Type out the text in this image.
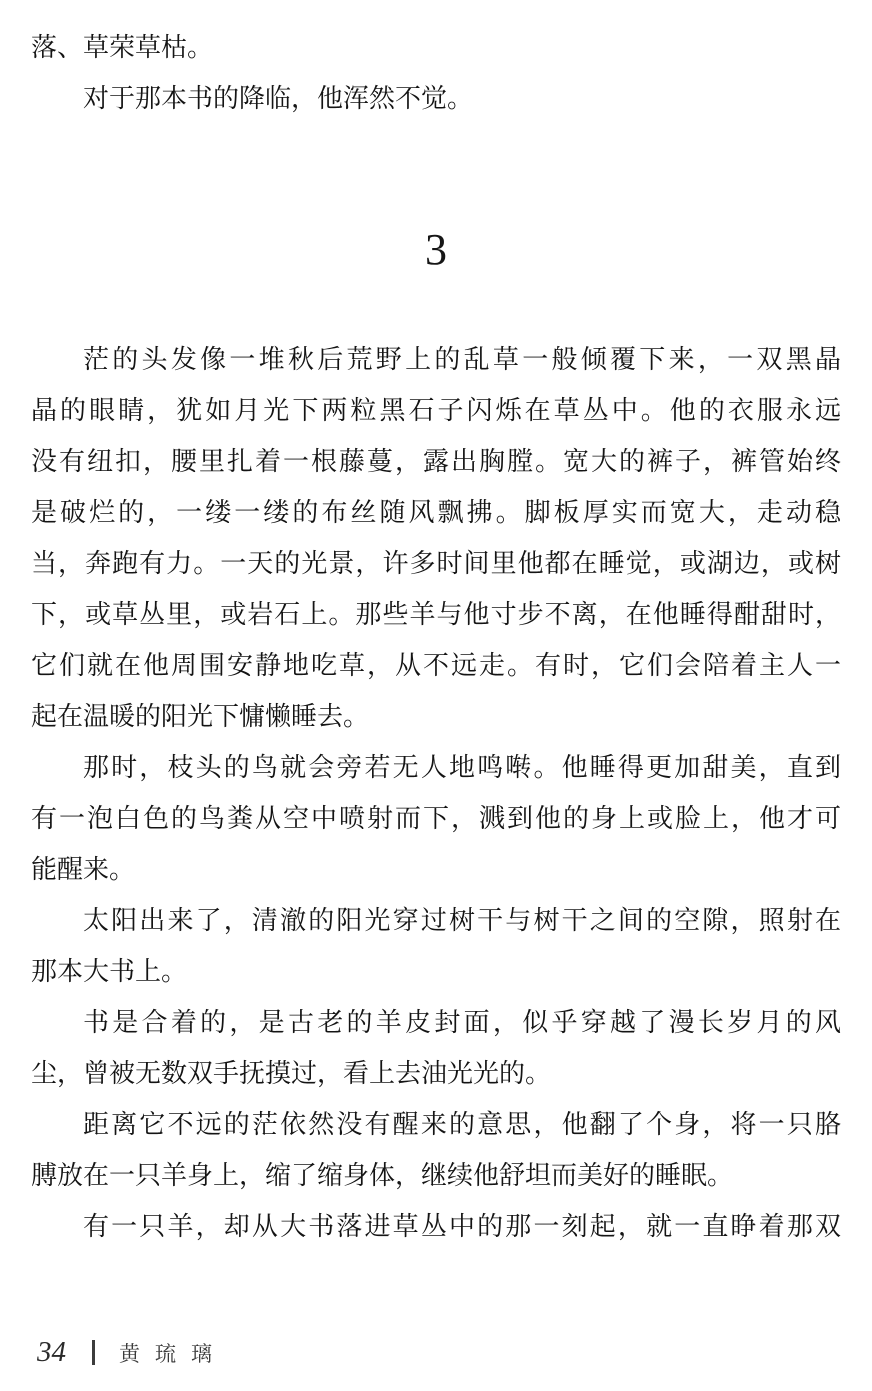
落、草荣草枯。
对于那本书的降临，他浑然不觉。
3
茫的头发像一堆秋后荒野上的乱草一般倾覆下来，一双黑晶
晶的眼睛，犹如月光下两粒黑石子闪烁在草丛中。他的衣服永远
没有纽扣，腰里扎着一根藤蔓，露出胸膛。宽大的裤子，裤管始终
是破烂的，一缕一缕的布丝随风飘拂。脚板厚实而宽大，走动稳
当，奔跑有力。一天的光景，许多时间里他都在睡觉，或湖边，或树
下，或草丛里，或岩石上。那些羊与他寸步不离，在他睡得酣甜时，
它们就在他周围安静地吃草，从不远走。有时，它们会陪着主人一
起在温暖的阳光下慵懒睡去。
那时，枝头的鸟就会旁若无人地鸣啭。他睡得更加甜美，直到
有一泡白色的鸟粪从空中喷射而下，溅到他的身上或脸上，他才可
能醒来。
太阳出来了，清澈的阳光穿过树干与树干之间的空隙，照射在
那本大书上。
书是合着的，是古老的羊皮封面，似乎穿越了漫长岁月的风
尘，曾被无数双手抚摸过，看上去油光光的。
距离它不远的茫依然没有醒来的意思，他翻了个身，将一只胳
膊放在一只羊身上，缩了缩身体，继续他舒坦而美好的睡眠。
有一只羊，却从大书落进草丛中的那一刻起，就一直睁着那双
34	黄琉璃
